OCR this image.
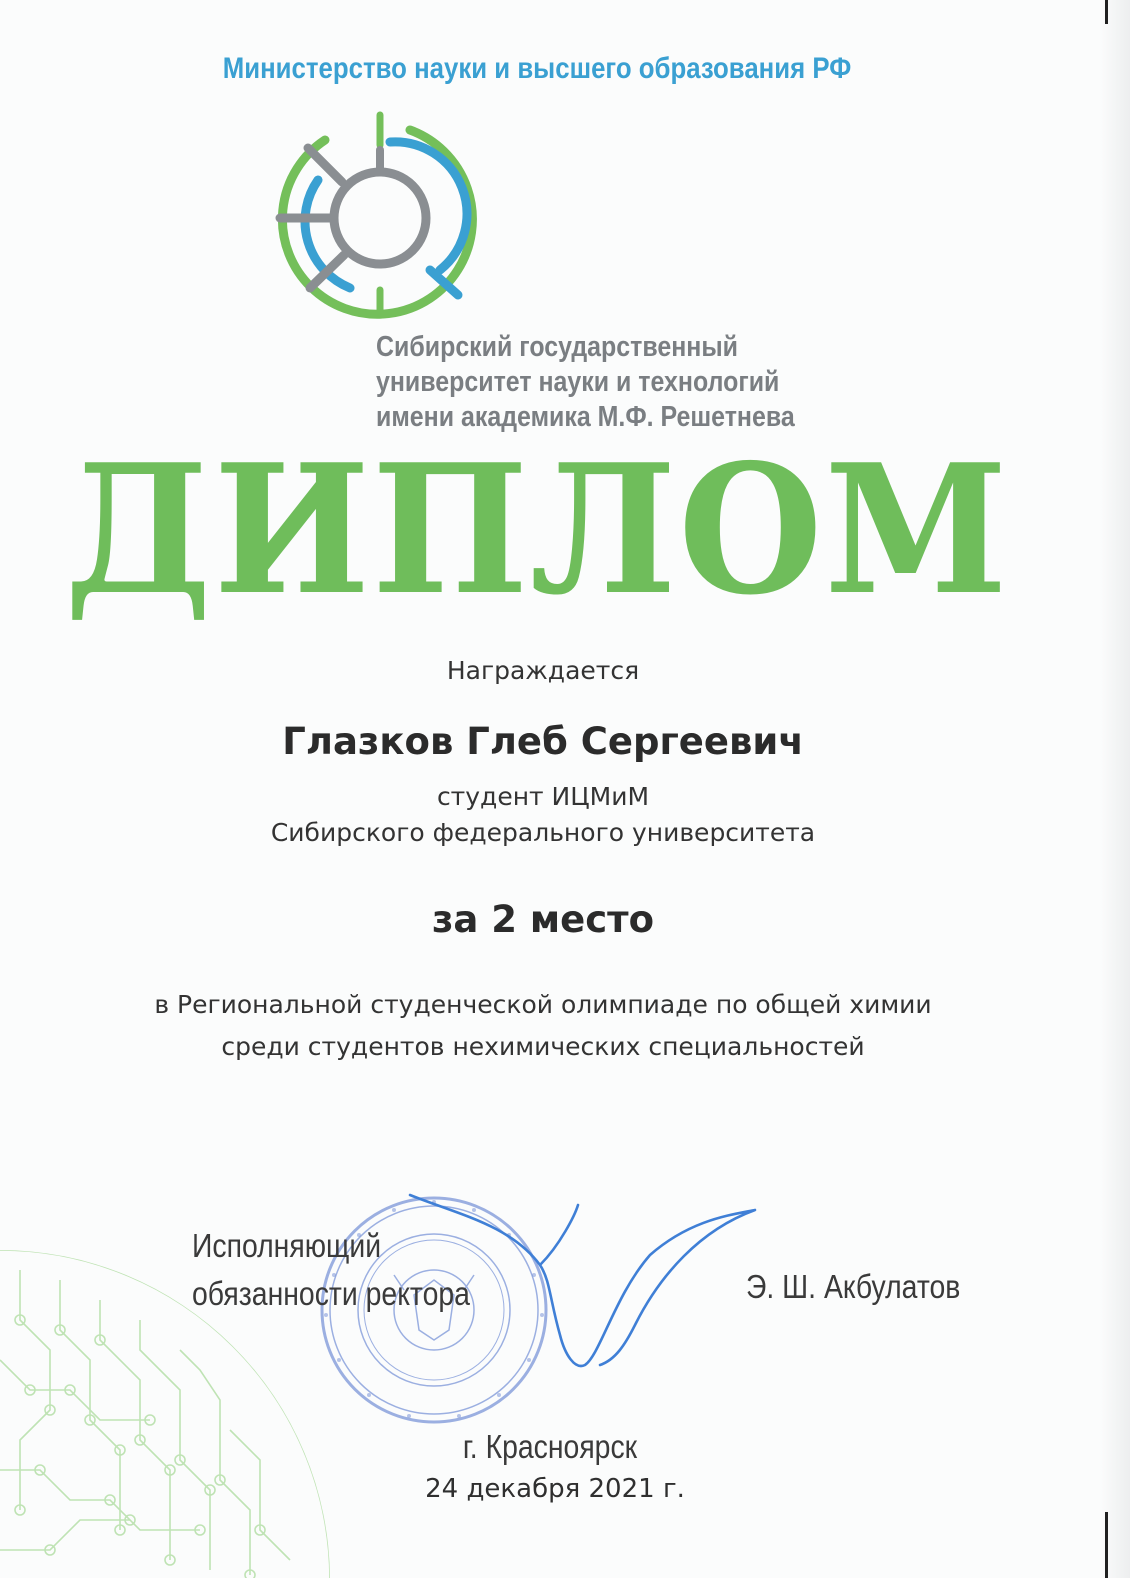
Министерство науки и высшего образования РФ
Сибирский государственный
университет науки и технологий
имени академика М.Ф. Решетнева
ДИПЛОМ
Награждается
Глазков Глеб Сергеевич
студент ИЦМиМ
Сибирского федерального университета
за 2 место
в Региональной студенческой олимпиаде по общей химии
среди студентов нехимических специальностей
Исполняющий
обязанности ректора	Э. Ш. Акбулатов
г. Красноярск
24 декабря 2021 г.
